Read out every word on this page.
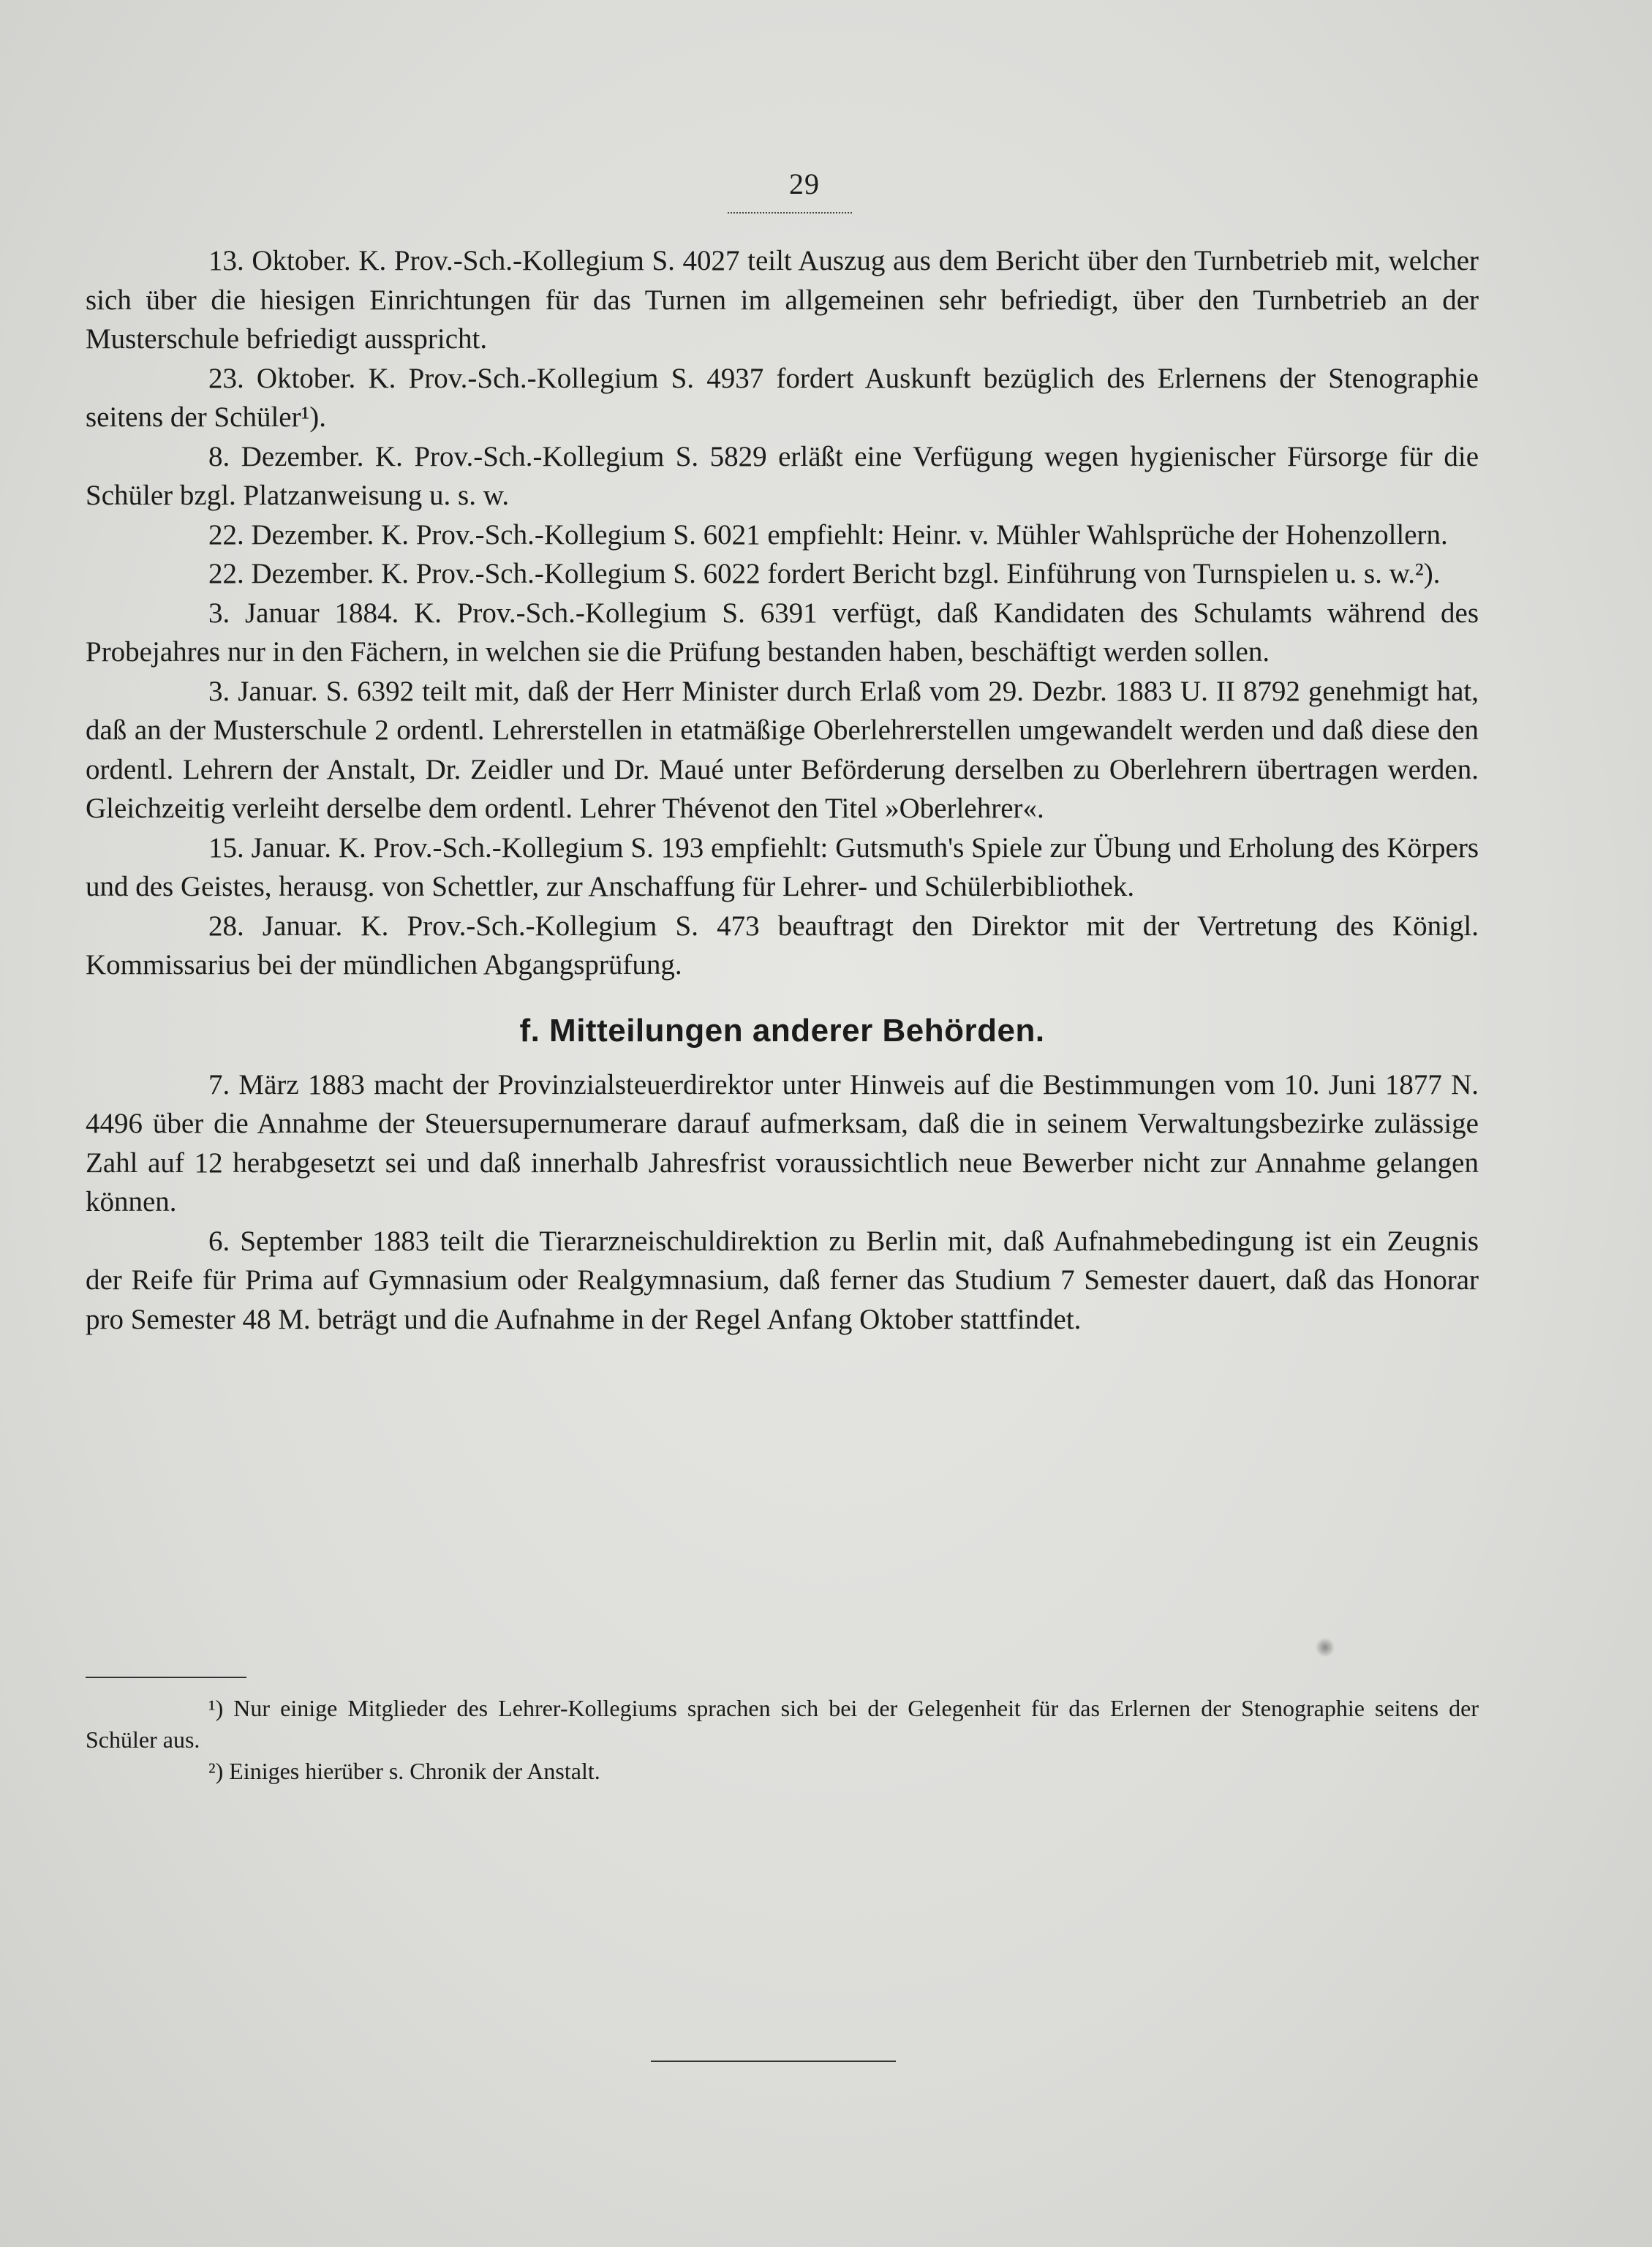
29

13. Oktober. K. Prov.-Sch.-Kollegium S. 4027 teilt Auszug aus dem Bericht über den Turnbetrieb mit, welcher sich über die hiesigen Einrichtungen für das Turnen im allgemeinen sehr befriedigt, über den Turnbetrieb an der Musterschule befriedigt ausspricht.

23. Oktober. K. Prov.-Sch.-Kollegium S. 4937 fordert Auskunft bezüglich des Erlernens der Stenographie seitens der Schüler¹).

8. Dezember. K. Prov.-Sch.-Kollegium S. 5829 erläßt eine Verfügung wegen hygienischer Fürsorge für die Schüler bzgl. Platzanweisung u. s. w.

22. Dezember. K. Prov.-Sch.-Kollegium S. 6021 empfiehlt: Heinr. v. Mühler Wahlsprüche der Hohenzollern.

22. Dezember. K. Prov.-Sch.-Kollegium S. 6022 fordert Bericht bzgl. Einführung von Turnspielen u. s. w.²).

3. Januar 1884. K. Prov.-Sch.-Kollegium S. 6391 verfügt, daß Kandidaten des Schulamts während des Probejahres nur in den Fächern, in welchen sie die Prüfung bestanden haben, beschäftigt werden sollen.

3. Januar. S. 6392 teilt mit, daß der Herr Minister durch Erlaß vom 29. Dezbr. 1883 U. II 8792 genehmigt hat, daß an der Musterschule 2 ordentl. Lehrerstellen in etatmäßige Oberlehrerstellen umgewandelt werden und daß diese den ordentl. Lehrern der Anstalt, Dr. Zeidler und Dr. Maué unter Beförderung derselben zu Oberlehrern übertragen werden. Gleichzeitig verleiht derselbe dem ordentl. Lehrer Thévenot den Titel »Oberlehrer«.

15. Januar. K. Prov.-Sch.-Kollegium S. 193 empfiehlt: Gutsmuth's Spiele zur Übung und Erholung des Körpers und des Geistes, herausg. von Schettler, zur Anschaffung für Lehrer- und Schülerbibliothek.

28. Januar. K. Prov.-Sch.-Kollegium S. 473 beauftragt den Direktor mit der Vertretung des Königl. Kommissarius bei der mündlichen Abgangsprüfung.

f. Mitteilungen anderer Behörden.

7. März 1883 macht der Provinzialsteuerdirektor unter Hinweis auf die Bestimmungen vom 10. Juni 1877 N. 4496 über die Annahme der Steuersupernumerare darauf aufmerksam, daß die in seinem Verwaltungsbezirke zulässige Zahl auf 12 herabgesetzt sei und daß innerhalb Jahresfrist voraussichtlich neue Bewerber nicht zur Annahme gelangen können.

6. September 1883 teilt die Tierarzneischuldirektion zu Berlin mit, daß Aufnahmebedingung ist ein Zeugnis der Reife für Prima auf Gymnasium oder Realgymnasium, daß ferner das Studium 7 Semester dauert, daß das Honorar pro Semester 48 M. beträgt und die Aufnahme in der Regel Anfang Oktober stattfindet.

¹) Nur einige Mitglieder des Lehrer-Kollegiums sprachen sich bei der Gelegenheit für das Erlernen der Stenographie seitens der Schüler aus.

²) Einiges hierüber s. Chronik der Anstalt.
